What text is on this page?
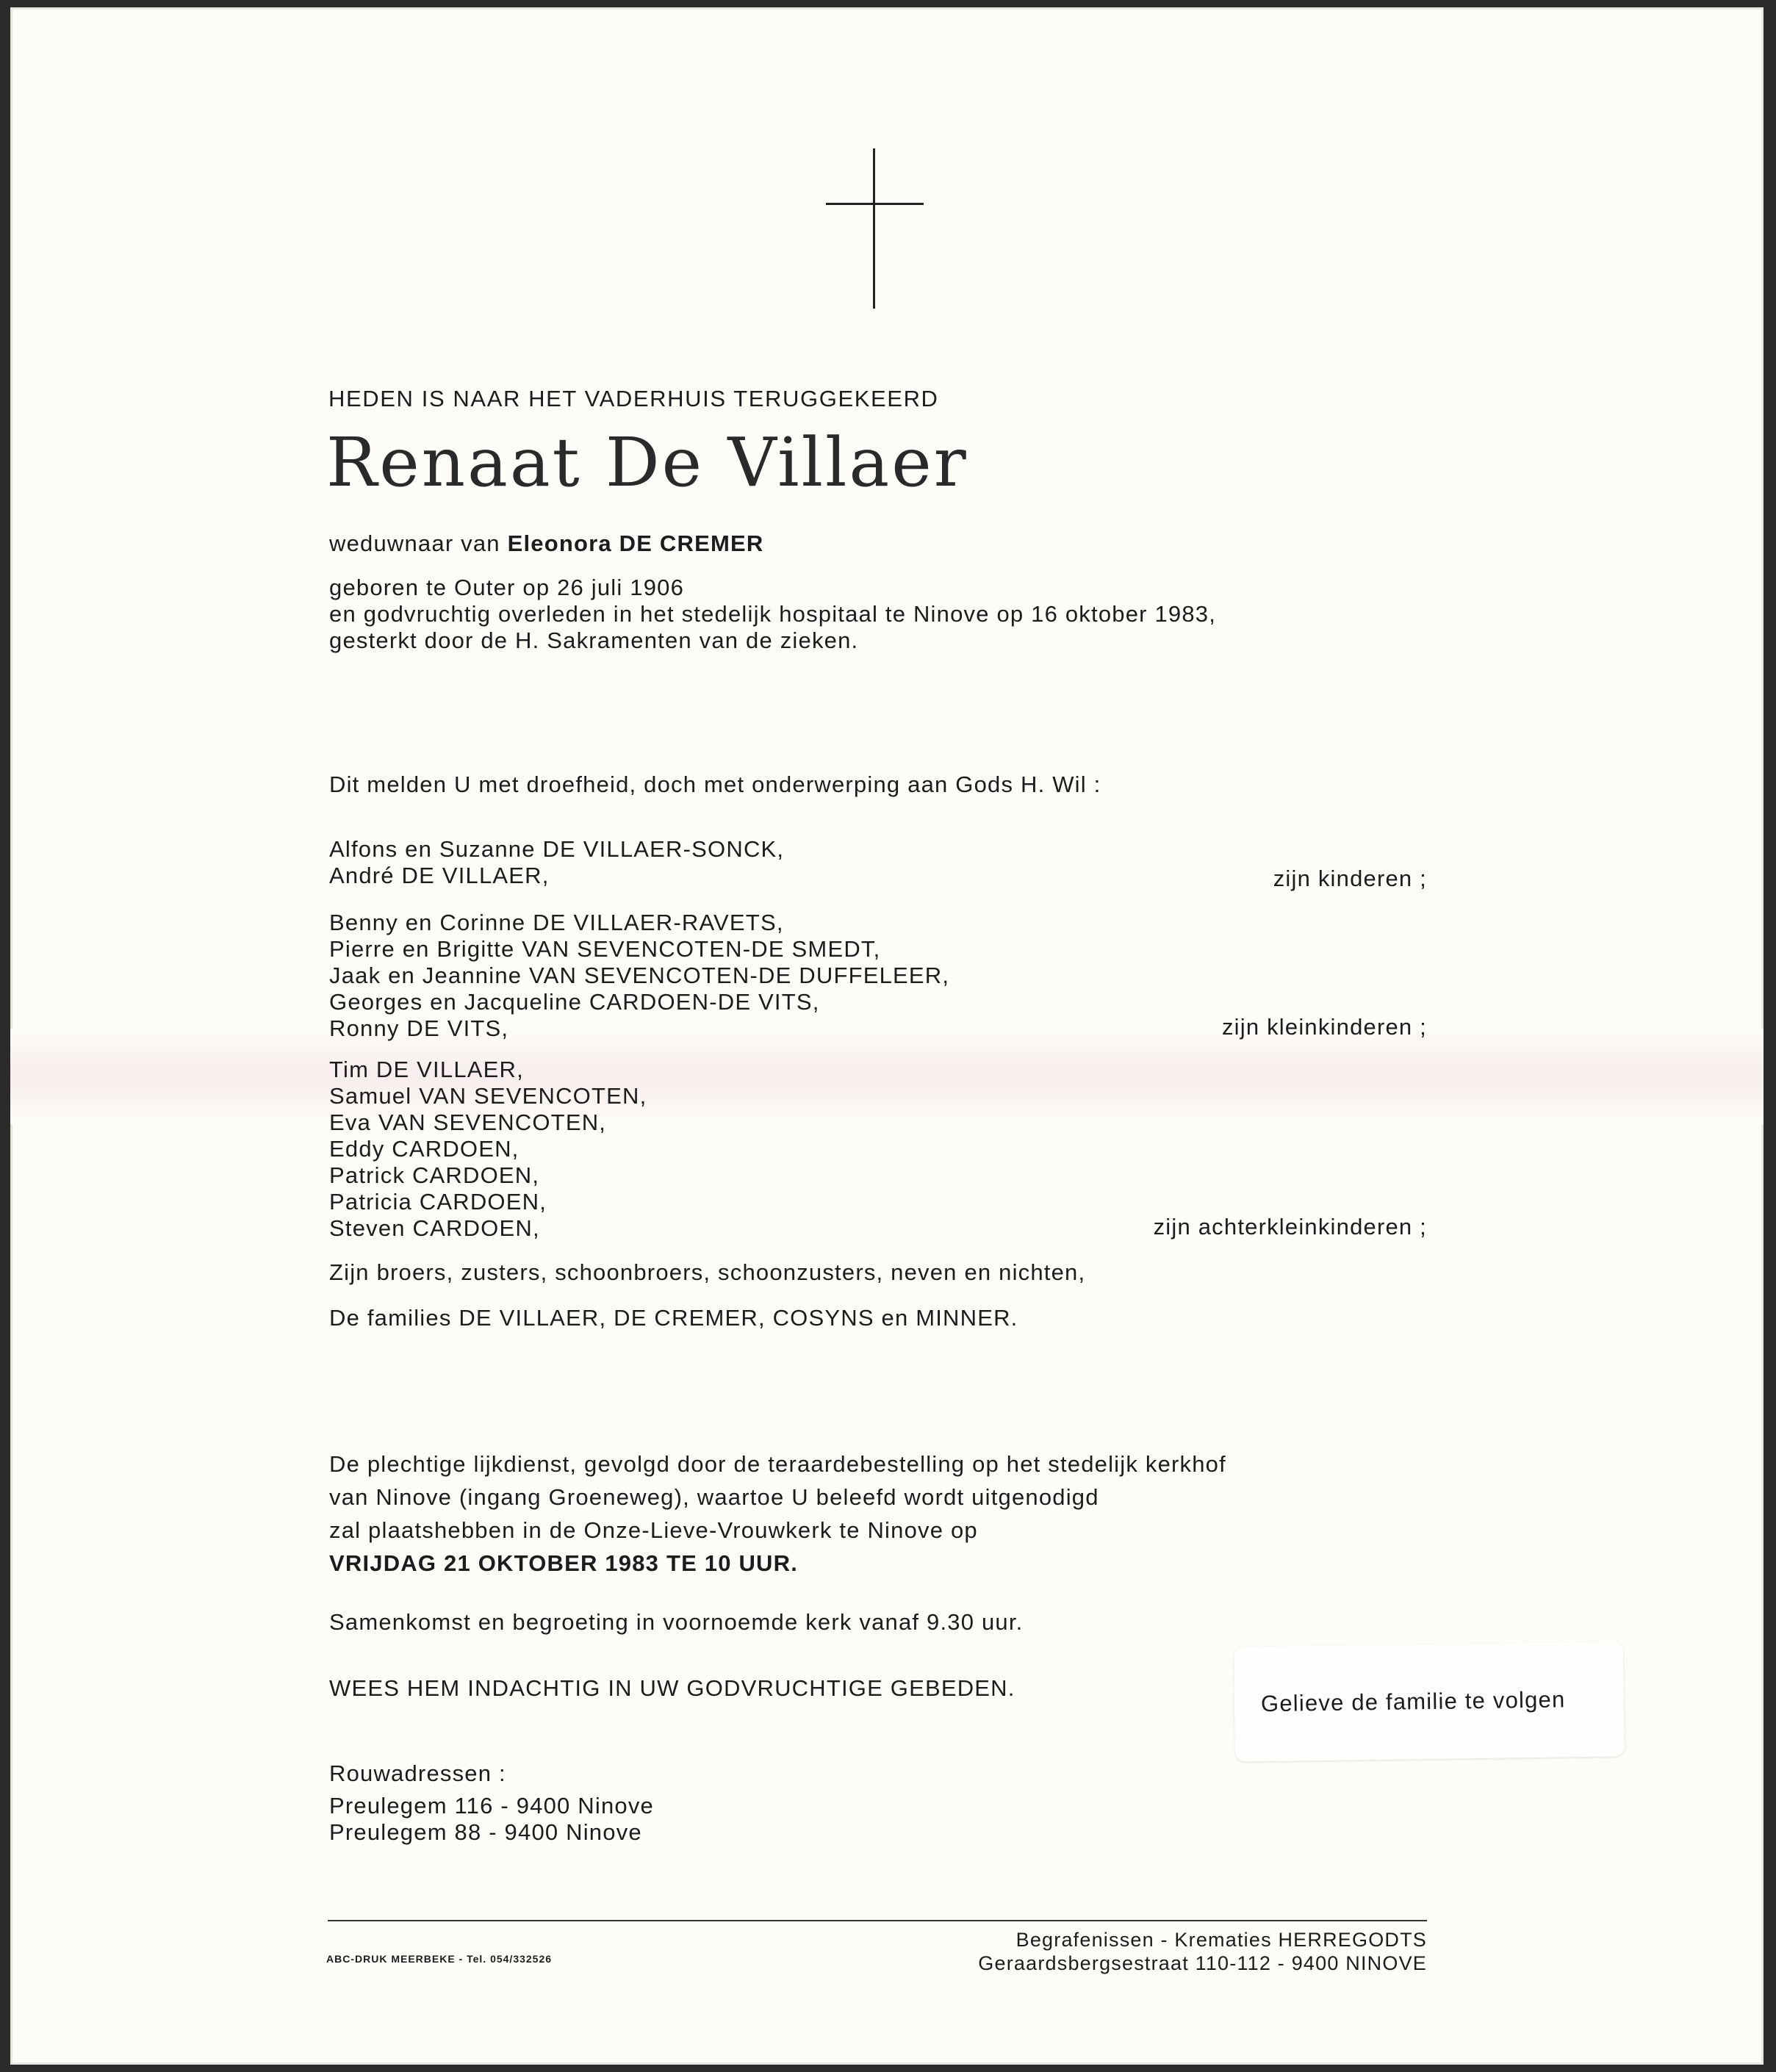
HEDEN IS NAAR HET VADERHUIS TERUGGEKEERD
Renaat De Villaer
weduwnaar van Eleonora DE CREMER

geboren te Outer op 26 juli 1906

en godvruchtig overleden in het stedelijk hospitaal te Ninove op 16 oktober 1983,

gesterkt door de H. Sakramenten van de zieken.

Dit melden U met droefheid, doch met onderwerping aan Gods H. Wil :

Alfons en Suzanne DE VILLAER-SONCK,

André DE VILLAER,	zijn kinderen ;

Benny en Corinne DE VILLAER-RAVETS,

Pierre en Brigitte VAN SEVENCOTEN-DE SMEDT,

Jaak en Jeannine VAN SEVENCOTEN-DE DUFFELEER,

Georges en Jacqueline CARDOEN-DE VITS,

Ronny DE VITS,	zijn kleinkinderen ;

Tim DE VILLAER,

Samuel VAN SEVENCOTEN,

Eva VAN SEVENCOTEN,

Eddy CARDOEN,

Patrick CARDOEN,

Patricia CARDOEN,

Steven CARDOEN,	zijn achterkleinkinderen ;
Zijn broers, zusters, schoonbroers, schoonzusters, neven en nichten,
De families DE VILLAER, DE CREMER, COSYNS en MINNER.

De plechtige lijkdienst, gevolgd door de teraardebestelling op het stedelijk kerkhof

van Ninove (ingang Groeneweg), waartoe U beleefd wordt uitgenodigd

zal plaatshebben in de Onze-Lieve-Vrouwkerk te Ninove op

VRIJDAG 21 OKTOBER 1983 TE 10 UUR.

Samenkomst en begroeting in voornoemde kerk vanaf 9.30 uur.
WEES HEM INDACHTIG IN UW GODVRUCHTIGE GEBEDEN.	Gelieve de familie te volgen

Rouwadressen :

Preulegem 116 - 9400 Ninove

Preulegem 88 - 9400 Ninove

ABC-DRUK MEERBEKE - Tel. 054/332526

Begrafenissen - Krematies HERREGODTS

Geraardsbergsestraat 110-112 - 9400 NINOVE
